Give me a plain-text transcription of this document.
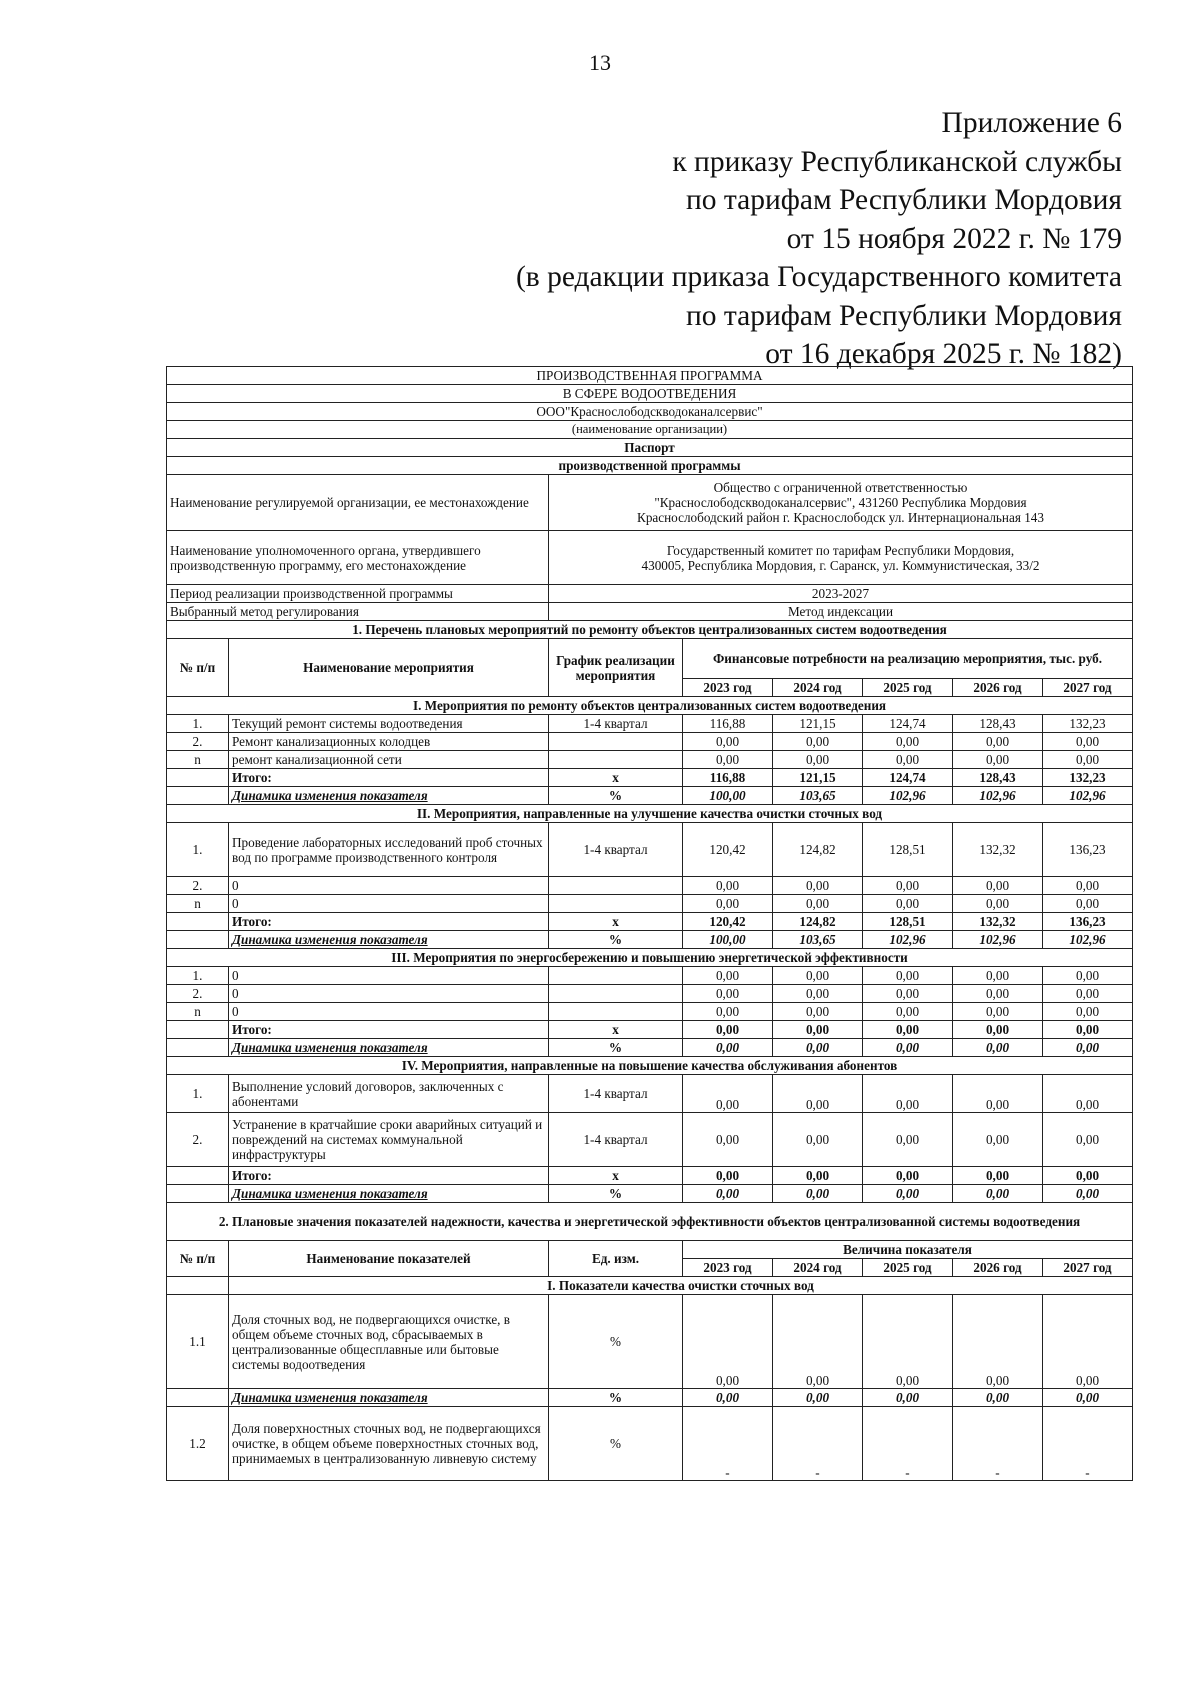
13
Приложение 6
к приказу Республиканской службы
по тарифам Республики Мордовия
от 15 ноября 2022 г. № 179
(в редакции приказа Государственного комитета
по тарифам Республики Мордовия
от 16 декабря 2025 г. № 182)
ПРОИЗВОДСТВЕННАЯ ПРОГРАММА							
В СФЕРЕ ВОДООТВЕДЕНИЯ							
ООО"Краснослободскводоканалсервис"							
(наименование организации)							
Паспорт							
производственной программы							
Наименование регулируемой организации, ее местонахождение		Общество с ограниченной ответственностью
"Краснослободскводоканалсервис", 431260 Республика Мордовия
Краснослободский район г. Краснослободск ул. Интернациональная 143					

Наименование уполномоченного органа, утвердившего производственную программу, его местонахождение		Государственный комитет по тарифам Республики Мордовия,
430005, Республика Мордовия, г. Саранск, ул. Коммунистическая, 33/2					

Период реализации производственной программы		2023-2027					
Выбранный метод регулирования		Метод индексации					
1. Перечень плановых мероприятий по ремонту объектов централизованных систем водоотведения							
№ п/п	Наименование мероприятия	График реализации мероприятия	Финансовые потребности на реализацию мероприятия, тыс. руб.				
			2023 год	2024 год	2025 год	2026 год	2027 год
I. Мероприятия по ремонту объектов централизованных систем водоотведения							
1.	Текущий ремонт системы водоотведения	1-4 квартал	116,88	121,15	124,74	128,43	132,23
2.	Ремонт канализационных колодцев		0,00	0,00	0,00	0,00	0,00
n	ремонт канализационной сети		0,00	0,00	0,00	0,00	0,00
	Итого:	х	116,88	121,15	124,74	128,43	132,23
	Динамика изменения показателя	%	100,00	103,65	102,96	102,96	102,96
II. Мероприятия, направленные на улучшение качества очистки сточных вод							
1.	Проведение лабораторных исследований проб сточных вод по программе производственного контроля	1-4 квартал	120,42	124,82	128,51	132,32	136,23
2.	0		0,00	0,00	0,00	0,00	0,00
n	0		0,00	0,00	0,00	0,00	0,00
	Итого:	х	120,42	124,82	128,51	132,32	136,23
	Динамика изменения показателя	%	100,00	103,65	102,96	102,96	102,96
III. Мероприятия по энергосбережению и повышению энергетической эффективности							
1.	0		0,00	0,00	0,00	0,00	0,00
2.	0		0,00	0,00	0,00	0,00	0,00
n	0		0,00	0,00	0,00	0,00	0,00
	Итого:	х	0,00	0,00	0,00	0,00	0,00
	Динамика изменения показателя	%	0,00	0,00	0,00	0,00	0,00
IV. Мероприятия, направленные на повышение качества обслуживания абонентов							
1.	Выполнение условий договоров, заключенных с абонентами	1-4 квартал	0,00	0,00	0,00	0,00	0,00
2.	Устранение в кратчайшие сроки аварийных ситуаций и повреждений на системах коммунальной инфраструктуры	1-4 квартал	0,00	0,00	0,00	0,00	0,00
	Итого:	х	0,00	0,00	0,00	0,00	0,00
	Динамика изменения показателя	%	0,00	0,00	0,00	0,00	0,00
2. Плановые значения показателей надежности, качества и энергетической эффективности объектов централизованной системы водоотведения							
№ п/п	Наименование показателей	Ед. изм.	Величина показателя				
			2023 год	2024 год	2025 год	2026 год	2027 год
	I. Показатели качества очистки сточных вод						
1.1	Доля сточных вод, не подвергающихся очистке, в общем объеме сточных вод, сбрасываемых в централизованные общесплавные или бытовые системы водоотведения	%	0,00	0,00	0,00	0,00	0,00
	Динамика изменения показателя	%	0,00	0,00	0,00	0,00	0,00
1.2	Доля поверхностных сточных вод, не подвергающихся очистке, в общем объеме поверхностных сточных вод, принимаемых в централизованную ливневую систему	%	-	-	-	-	-
